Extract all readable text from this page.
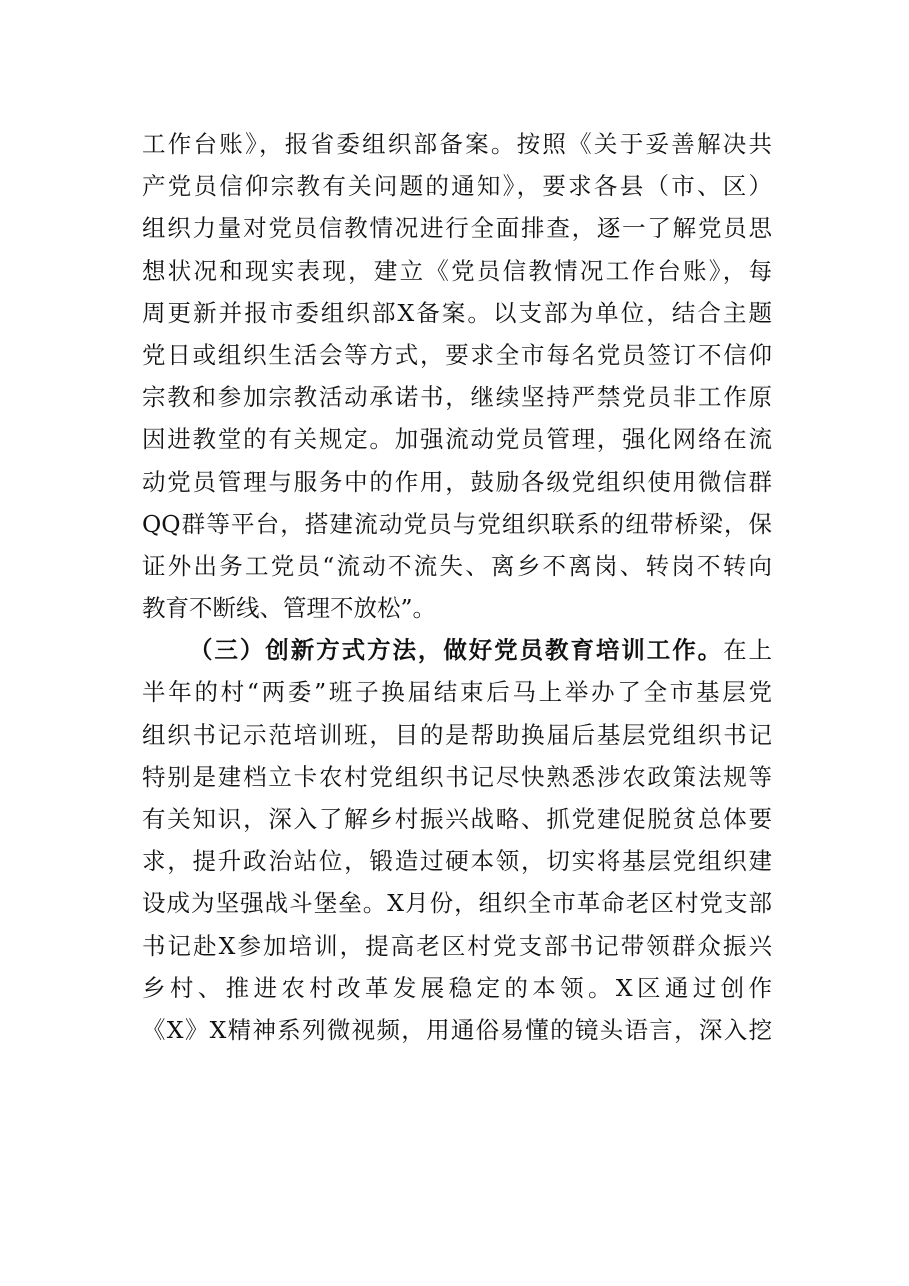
工作台账》，报省委组织部备案。按照《关于妥善解决共
产党员信仰宗教有关问题的通知》，要求各县（市、区）
组织力量对党员信教情况进行全面排查，逐一了解党员思
想状况和现实表现，建立《党员信教情况工作台账》，每
周更新并报市委组织部X备案。以支部为单位，结合主题
党日或组织生活会等方式，要求全市每名党员签订不信仰
宗教和参加宗教活动承诺书，继续坚持严禁党员非工作原
因进教堂的有关规定。加强流动党员管理，强化网络在流
动党员管理与服务中的作用，鼓励各级党组织使用微信群
QQ群等平台，搭建流动党员与党组织联系的纽带桥梁，保
证外出务工党员“流动不流失、离乡不离岗、转岗不转向
教育不断线、管理不放松”。
（三）创新方式方法，做好党员教育培训工作。在上
半年的村“两委”班子换届结束后马上举办了全市基层党
组织书记示范培训班，目的是帮助换届后基层党组织书记
特别是建档立卡农村党组织书记尽快熟悉涉农政策法规等
有关知识，深入了解乡村振兴战略、抓党建促脱贫总体要
求，提升政治站位，锻造过硬本领，切实将基层党组织建
设成为坚强战斗堡垒。X月份，组织全市革命老区村党支部
书记赴X参加培训，提高老区村党支部书记带领群众振兴
乡村、推进农村改革发展稳定的本领。X区通过创作
《X》X精神系列微视频，用通俗易懂的镜头语言，深入挖
